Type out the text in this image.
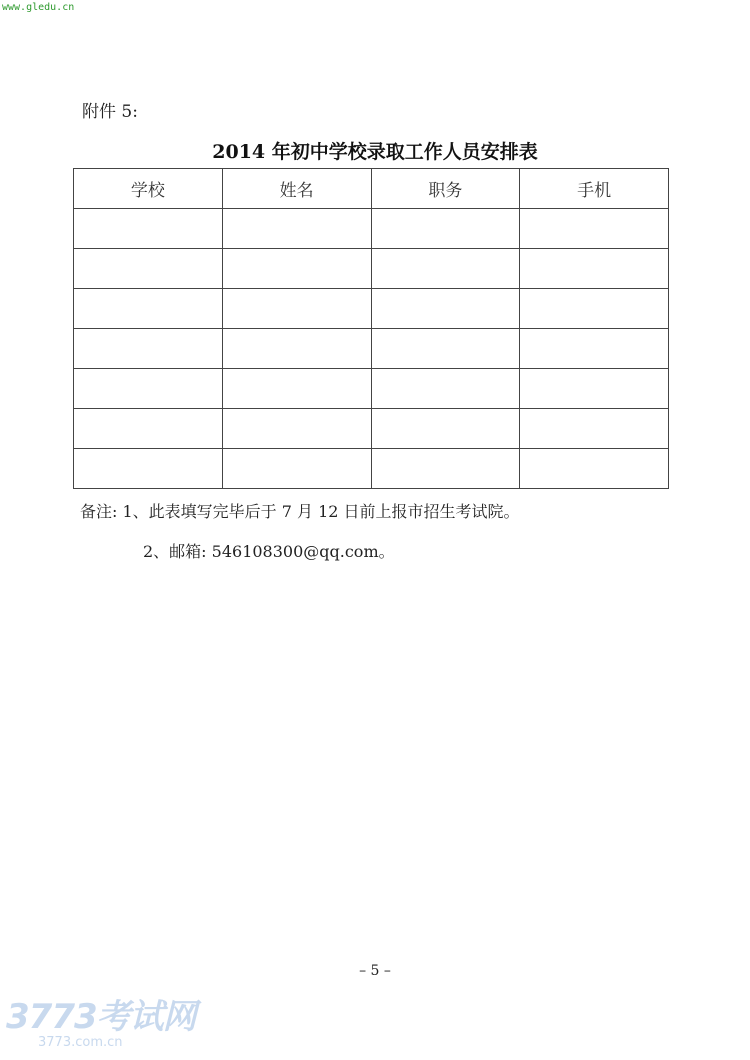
www.gledu.cn
附件 5:
2014 年初中学校录取工作人员安排表
学校	姓名	职务	手机

备注: 1、此表填写完毕后于 7 月 12 日前上报市招生考试院。
2、邮箱: 546108300@qq.com。
– 5 –
3773考试网
3773.com.cn
